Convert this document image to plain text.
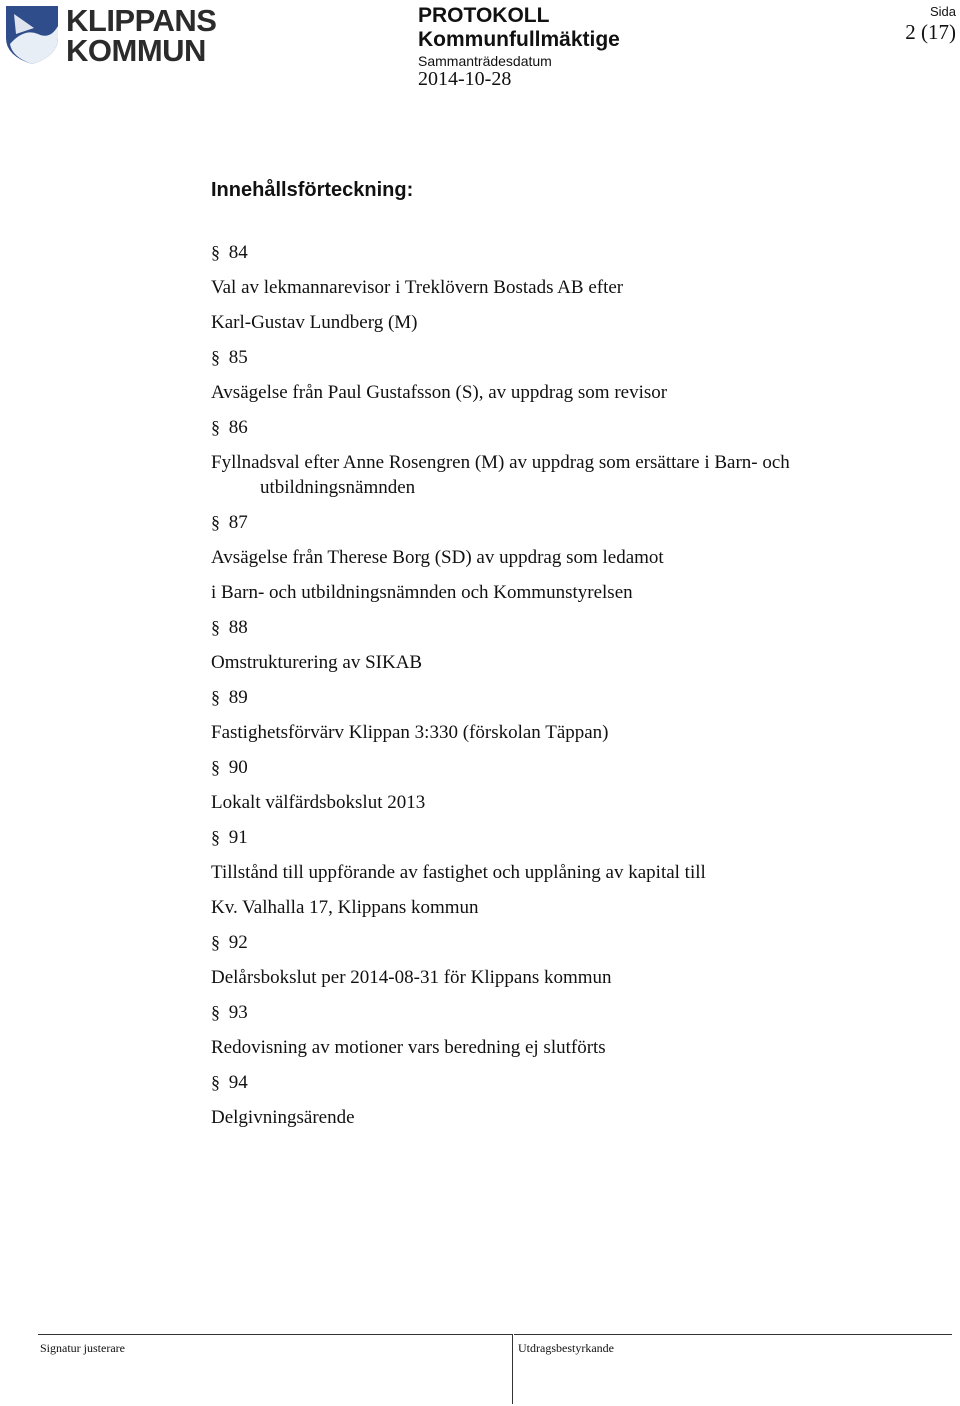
KLIPPANS
KOMMUN
PROTOKOLL
Kommunfullmäktige
Sammanträdesdatum
2014-10-28
Sida
2 (17)
Innehållsförteckning:
§ 84
Val av lekmannarevisor i Treklövern Bostads AB efter
Karl-Gustav Lundberg (M)
§ 85
Avsägelse från Paul Gustafsson (S), av uppdrag som revisor
§ 86
Fyllnadsval efter Anne Rosengren (M) av uppdrag som ersättare i Barn- och
utbildningsnämnden
§ 87
Avsägelse från Therese Borg (SD) av uppdrag som ledamot
i Barn- och utbildningsnämnden och Kommunstyrelsen
§ 88
Omstrukturering av SIKAB
§ 89
Fastighetsförvärv Klippan 3:330 (förskolan Täppan)
§ 90
Lokalt välfärdsbokslut 2013
§ 91
Tillstånd till uppförande av fastighet och upplåning av kapital till
Kv. Valhalla 17, Klippans kommun
§ 92
Delårsbokslut per 2014-08-31 för Klippans kommun
§ 93
Redovisning av motioner vars beredning ej slutförts
§ 94
Delgivningsärende
Signatur justerare	Utdragsbestyrkande
